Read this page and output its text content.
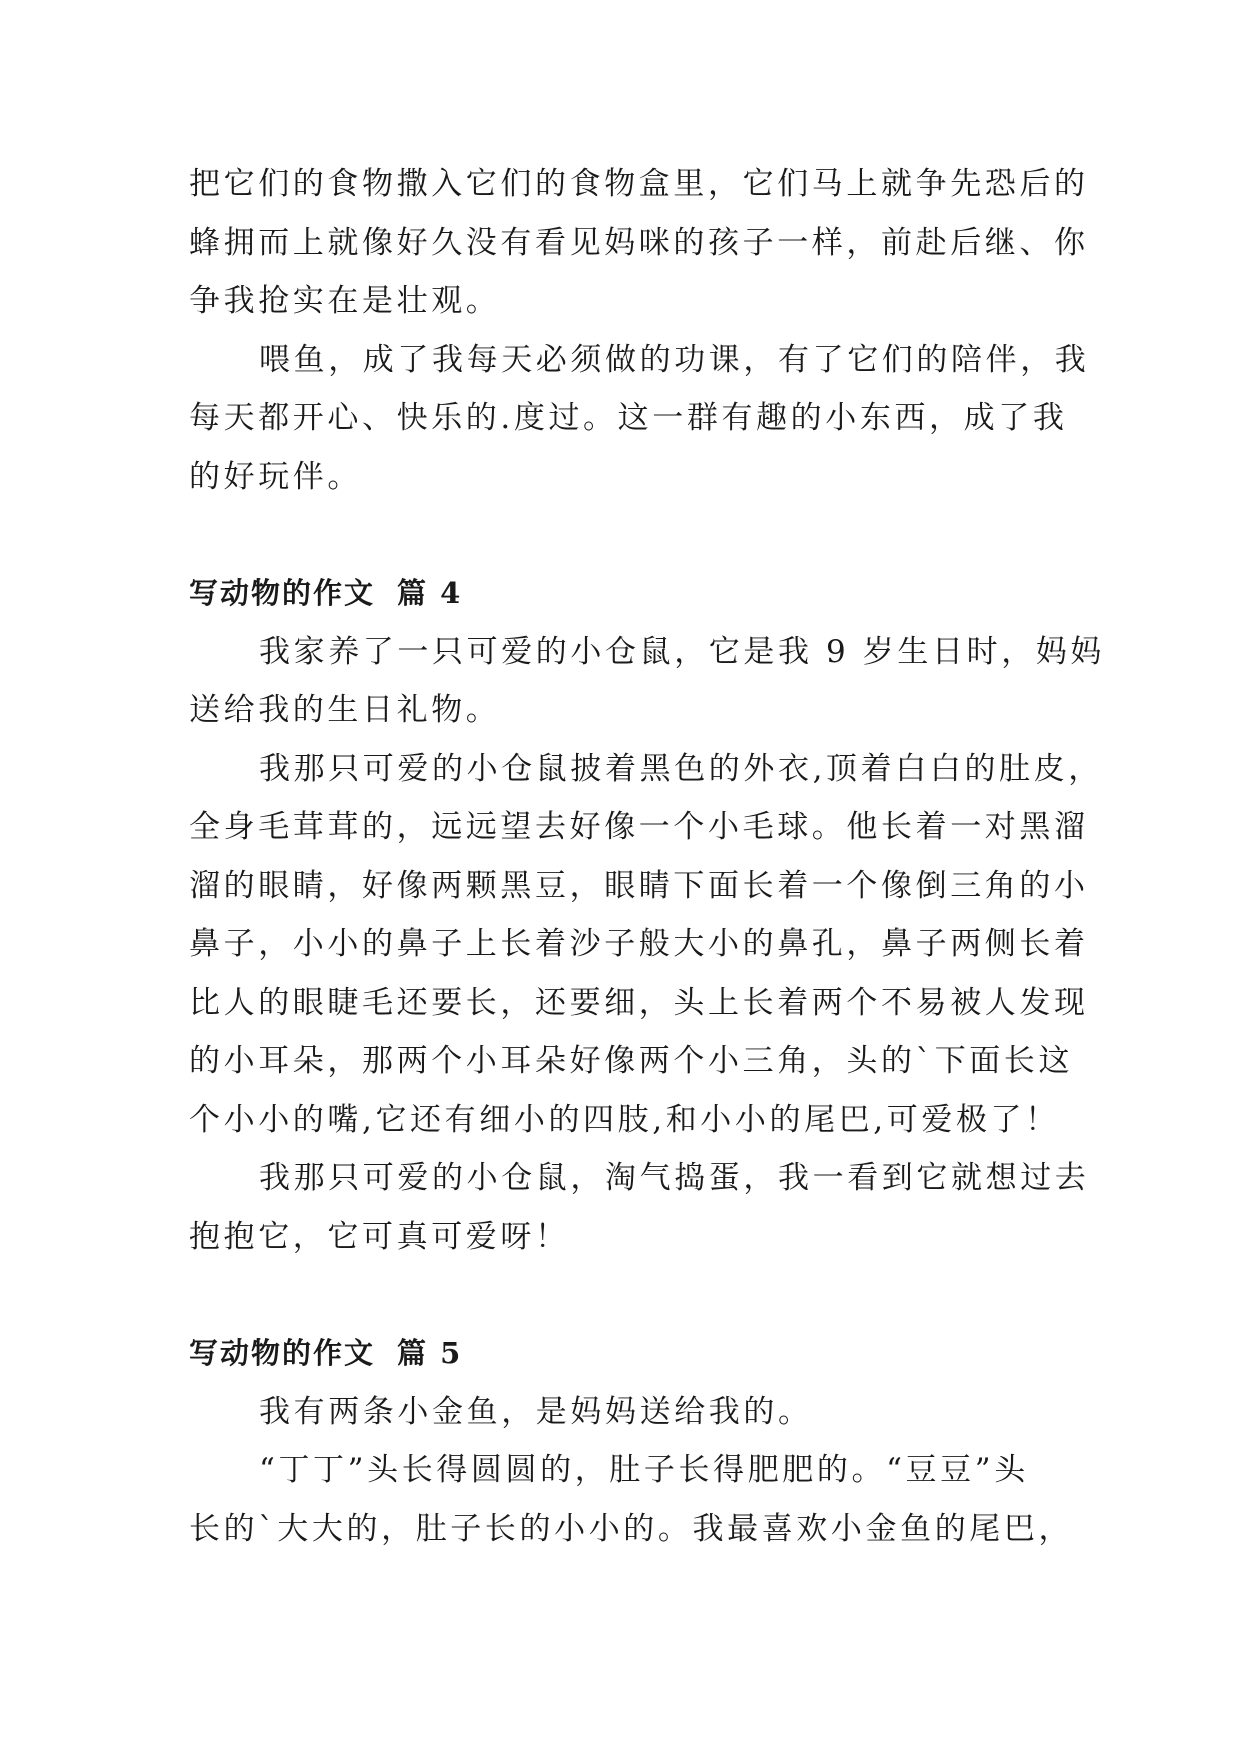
把它们的食物撒入它们的食物盒里，它们马上就争先恐后的
蜂拥而上就像好久没有看见妈咪的孩子一样，前赴后继、你
争我抢实在是壮观。

喂鱼，成了我每天必须做的功课，有了它们的陪伴，我
每天都开心、快乐的.度过。这一群有趣的小东西，成了我
的好玩伴。

写动物的作文 篇 4

我家养了一只可爱的小仓鼠，它是我 9 岁生日时，妈妈
送给我的生日礼物。

我那只可爱的小仓鼠披着黑色的外衣,顶着白白的肚皮，
全身毛茸茸的，远远望去好像一个小毛球。他长着一对黑溜
溜的眼睛，好像两颗黑豆，眼睛下面长着一个像倒三角的小
鼻子，小小的鼻子上长着沙子般大小的鼻孔，鼻子两侧长着
比人的眼睫毛还要长，还要细，头上长着两个不易被人发现
的小耳朵，那两个小耳朵好像两个小三角，头的`下面长这
个小小的嘴,它还有细小的四肢,和小小的尾巴,可爱极了！

我那只可爱的小仓鼠，淘气捣蛋，我一看到它就想过去
抱抱它，它可真可爱呀！

写动物的作文 篇 5

我有两条小金鱼，是妈妈送给我的。

“丁丁”头长得圆圆的，肚子长得肥肥的。“豆豆”头
长的`大大的，肚子长的小小的。我最喜欢小金鱼的尾巴，
